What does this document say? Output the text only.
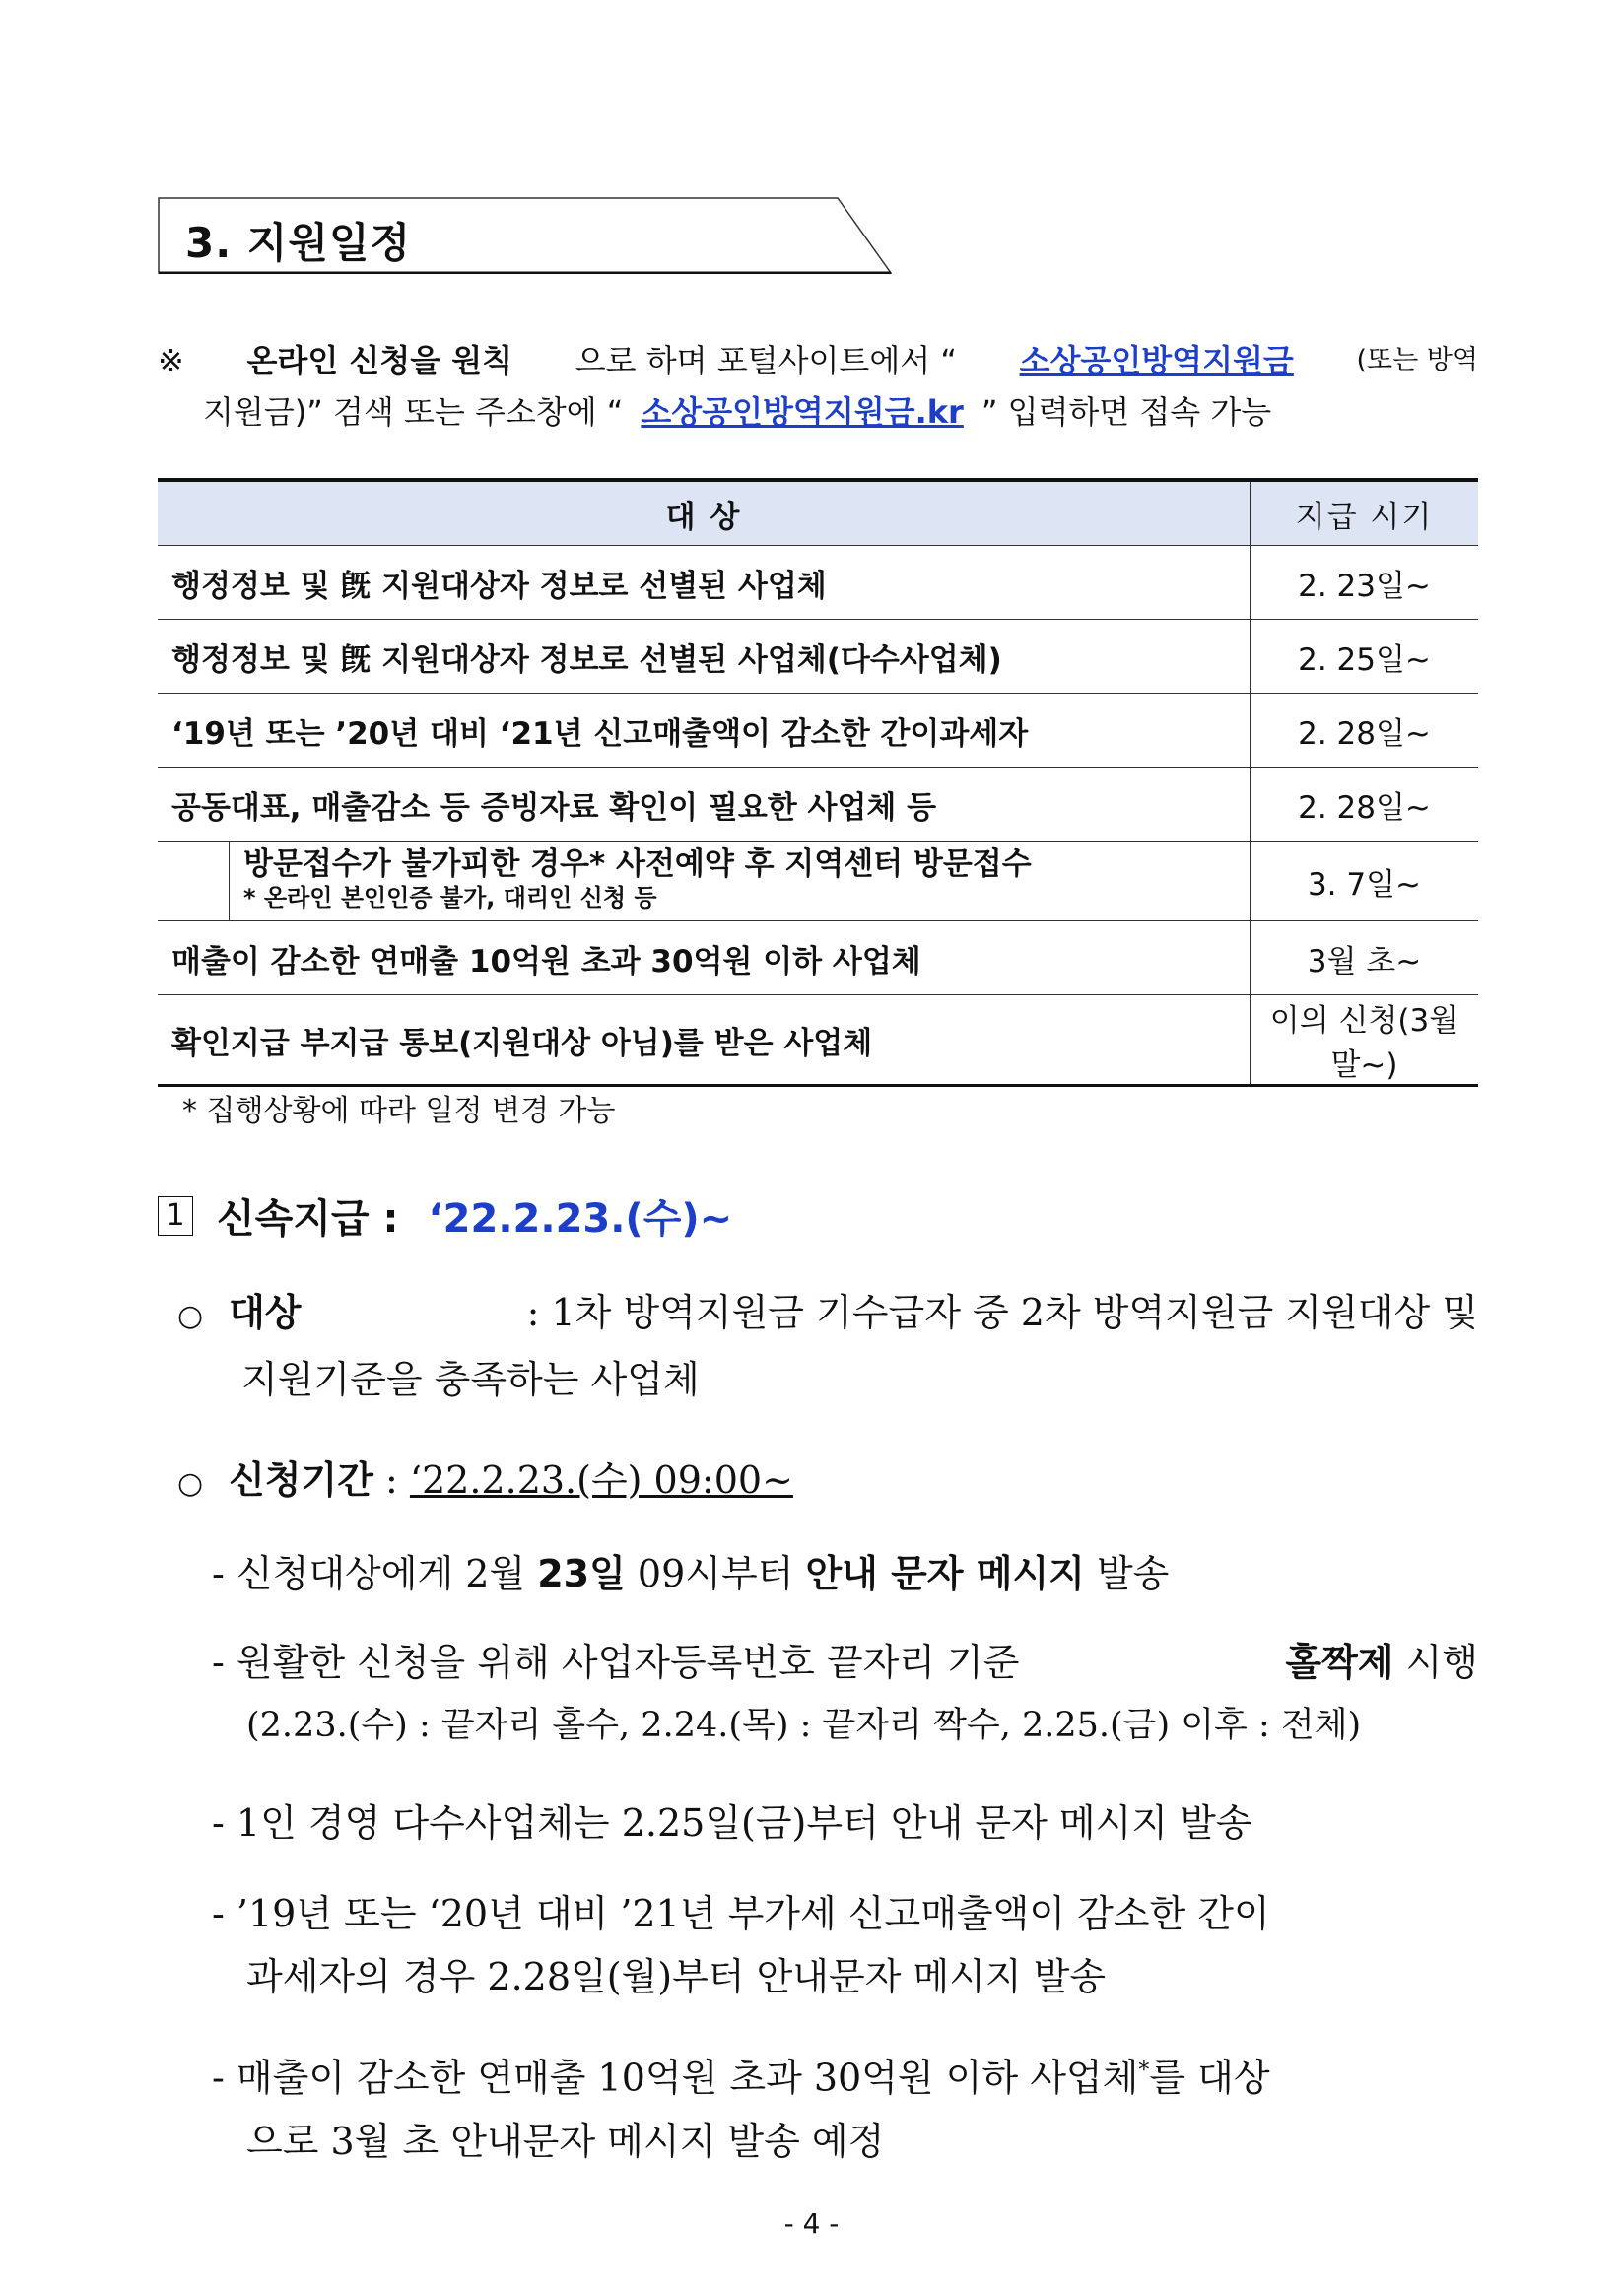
3. 지원일정
※ 온라인 신청을 원칙 으로 하며 포털사이트에서 “ 소상공인방역지원금 (또는 방역
지원금)” 검색 또는 주소창에 “ 소상공인방역지원금.kr ” 입력하면 접속 가능
대 상	지급 시기
행정정보 및 旣 지원대상자 정보로 선별된 사업체	2. 23일~
행정정보 및 旣 지원대상자 정보로 선별된 사업체(다수사업체)	2. 25일~
‘19년 또는 ’20년 대비 ‘21년 신고매출액이 감소한 간이과세자	2. 28일~
공동대표, 매출감소 등 증빙자료 확인이 필요한 사업체 등	2. 28일~

방문접수가 불가피한 경우* 사전예약 후 지역센터 방문접수
* 온라인 본인인증 불가, 대리인 신청 등	3. 7일~
매출이 감소한 연매출 10억원 초과 30억원 이하 사업체	3월 초~
확인지급 부지급 통보(지원대상 아님)를 받은 사업체	이의 신청(3월 말~)
* 집행상황에 따라 일정 변경 가능
1 신속지급 : ‘22.2.23.(수)~
○ 대상	: 1차 방역지원금 기수급자 중 2차 방역지원금 지원대상 및
지원기준을 충족하는 사업체
○ 신청기간 : ‘22.2.23.(수) 09:00~
- 신청대상에게 2월 23일 09시부터 안내 문자 메시지 발송
- 원활한 신청을 위해 사업자등록번호 끝자리 기준	홀짝제 시행
(2.23.(수) : 끝자리 홀수, 2.24.(목) : 끝자리 짝수, 2.25.(금) 이후 : 전체)
- 1인 경영 다수사업체는 2.25일(금)부터 안내 문자 메시지 발송
- ’19년 또는 ‘20년 대비 ’21년 부가세 신고매출액이 감소한 간이
과세자의 경우 2.28일(월)부터 안내문자 메시지 발송
- 매출이 감소한 연매출 10억원 초과 30억원 이하 사업체*를 대상
으로 3월 초 안내문자 메시지 발송 예정
- 4 -
